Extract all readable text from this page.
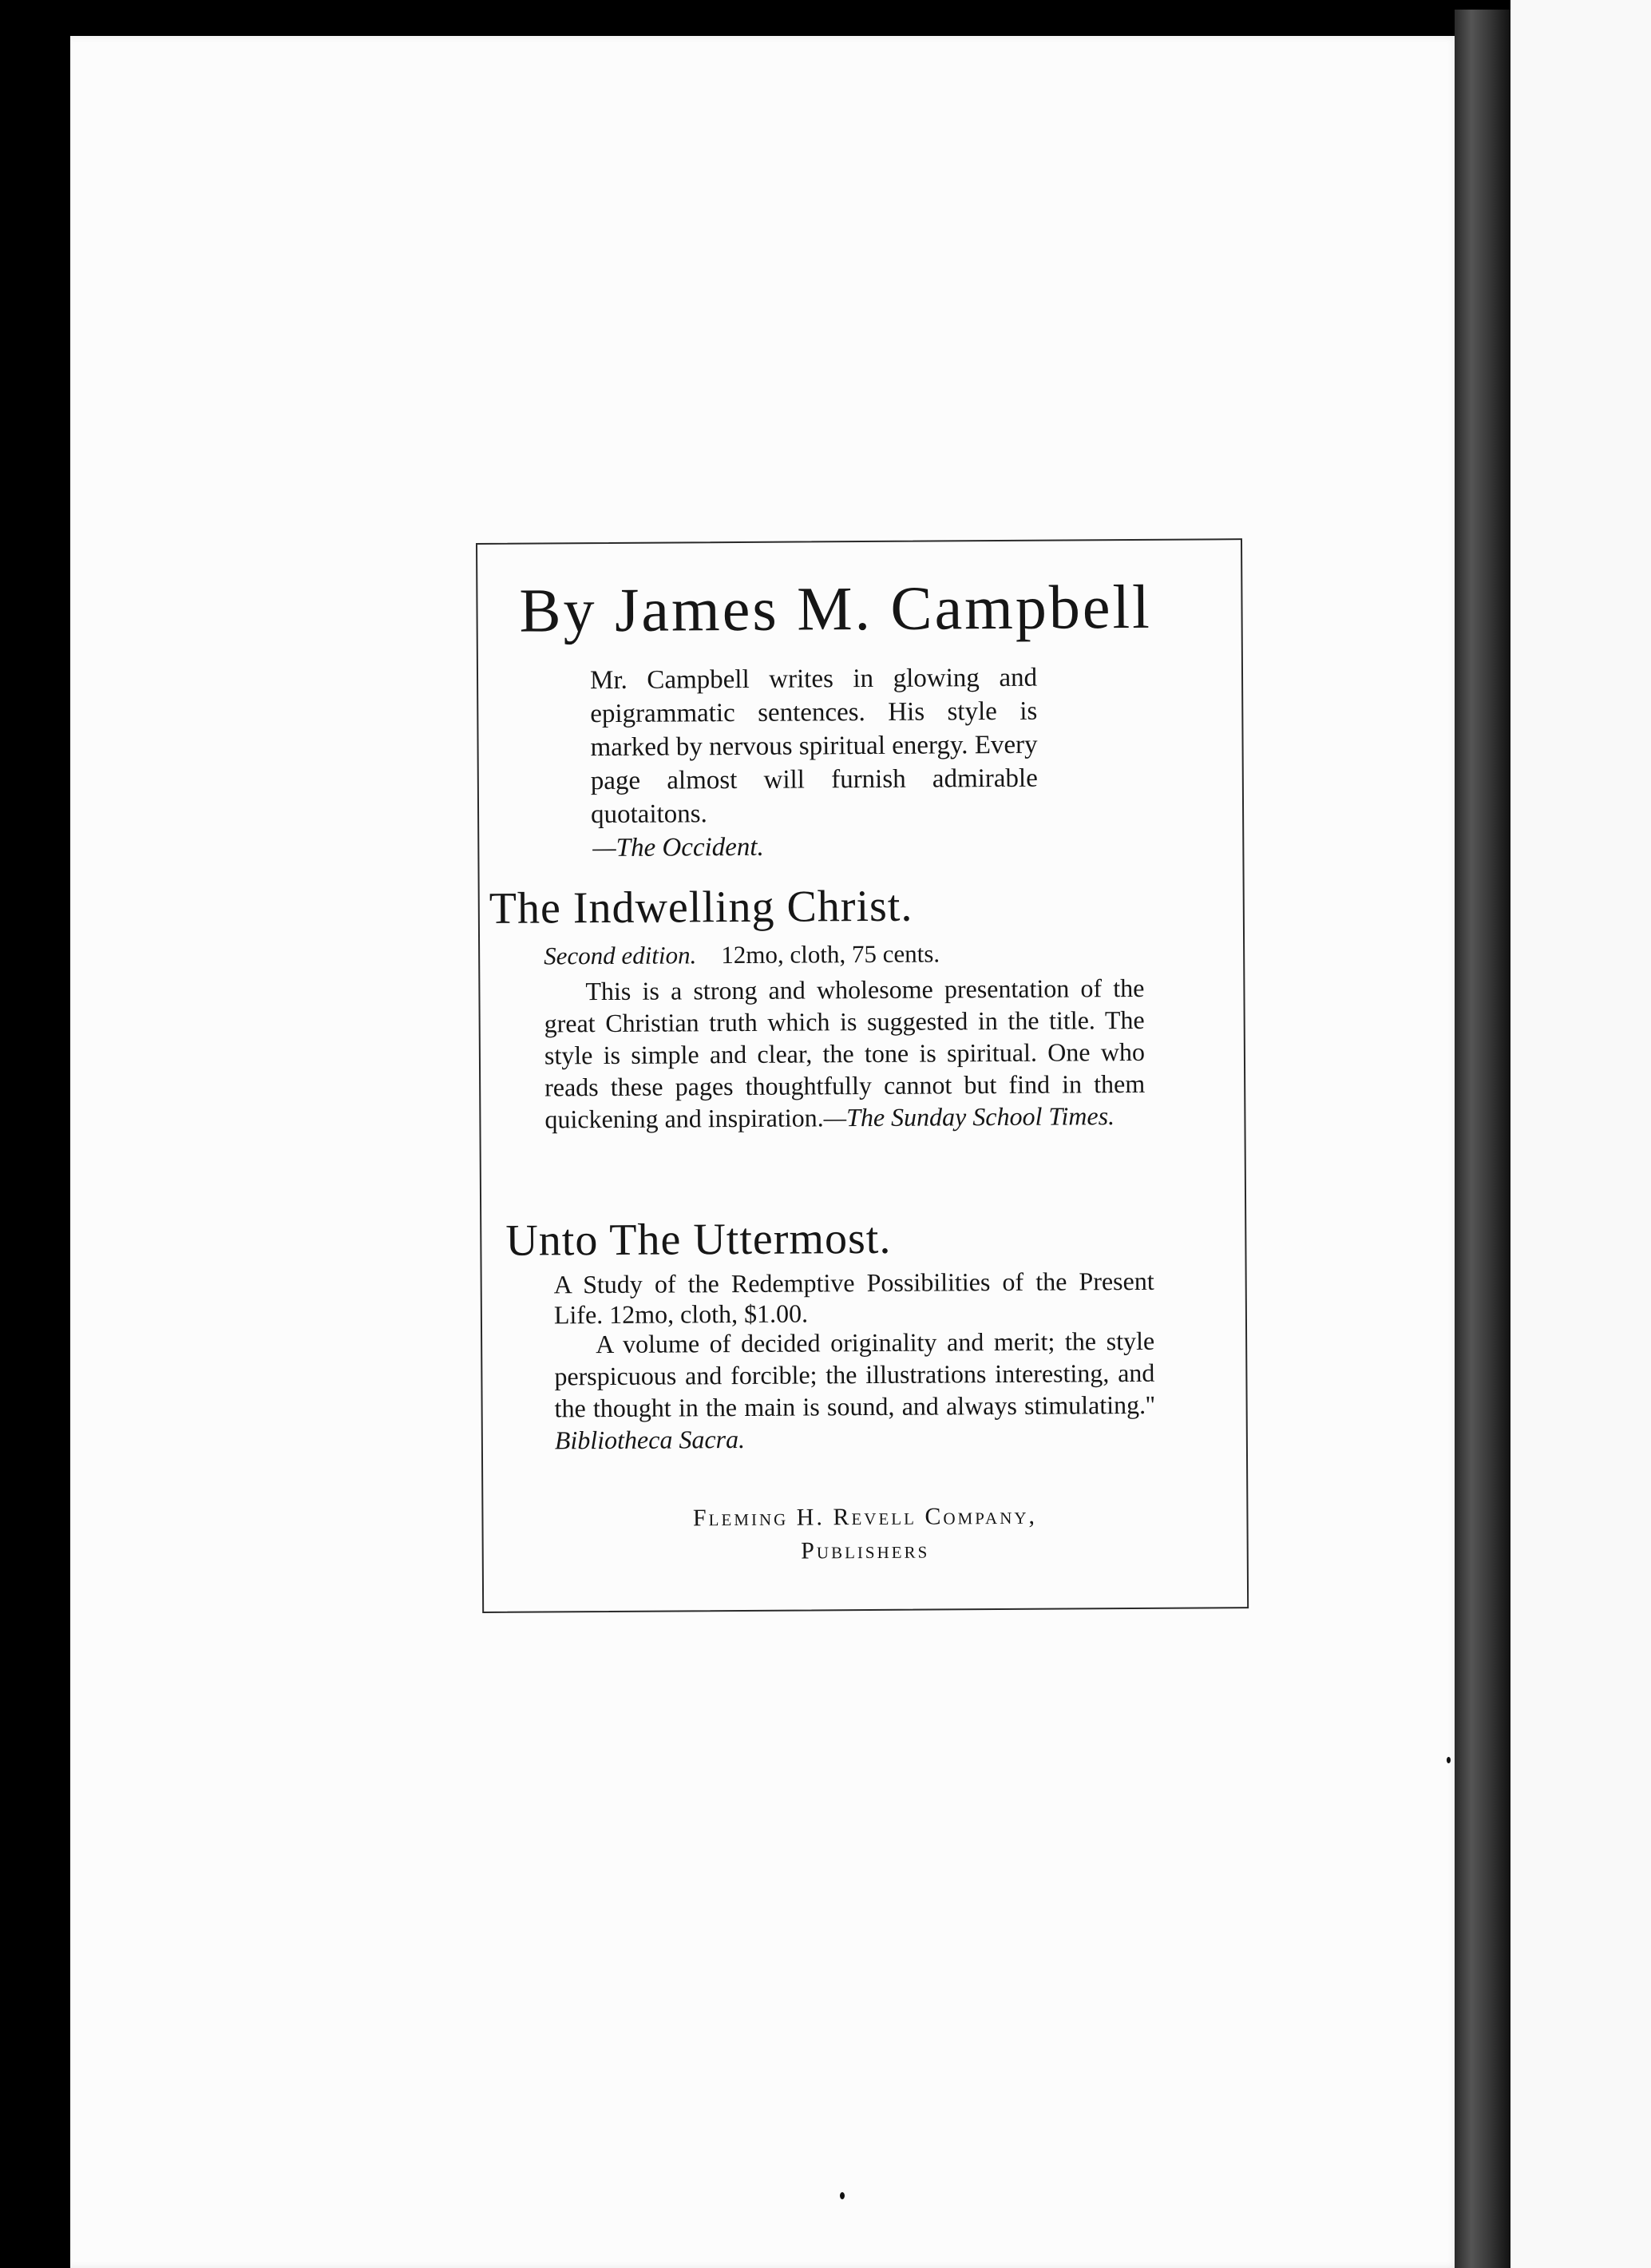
By James M. Campbell
Mr. Campbell writes in glowing and epigrammatic sentences. His style is marked by nervous spiritual energy. Every page almost will furnish admirable quotaitons.
—The Occident.
The Indwelling Christ.
Second edition. 12mo, cloth, 75 cents.
This is a strong and wholesome presentation of the great Christian truth which is suggested in the title. The style is simple and clear, the tone is spiritual. One who reads these pages thoughtfully cannot but find in them quickening and inspiration.—The Sunday School Times.
Unto The Uttermost.
A Study of the Redemptive Possibilities of the Present Life. 12mo, cloth, $1.00.
A volume of decided originality and merit; the style perspicuous and forcible; the illustrations interesting, and the thought in the main is sound, and always stimulating.'' Bibliotheca Sacra.
Fleming H. Revell Company,
Publishers
